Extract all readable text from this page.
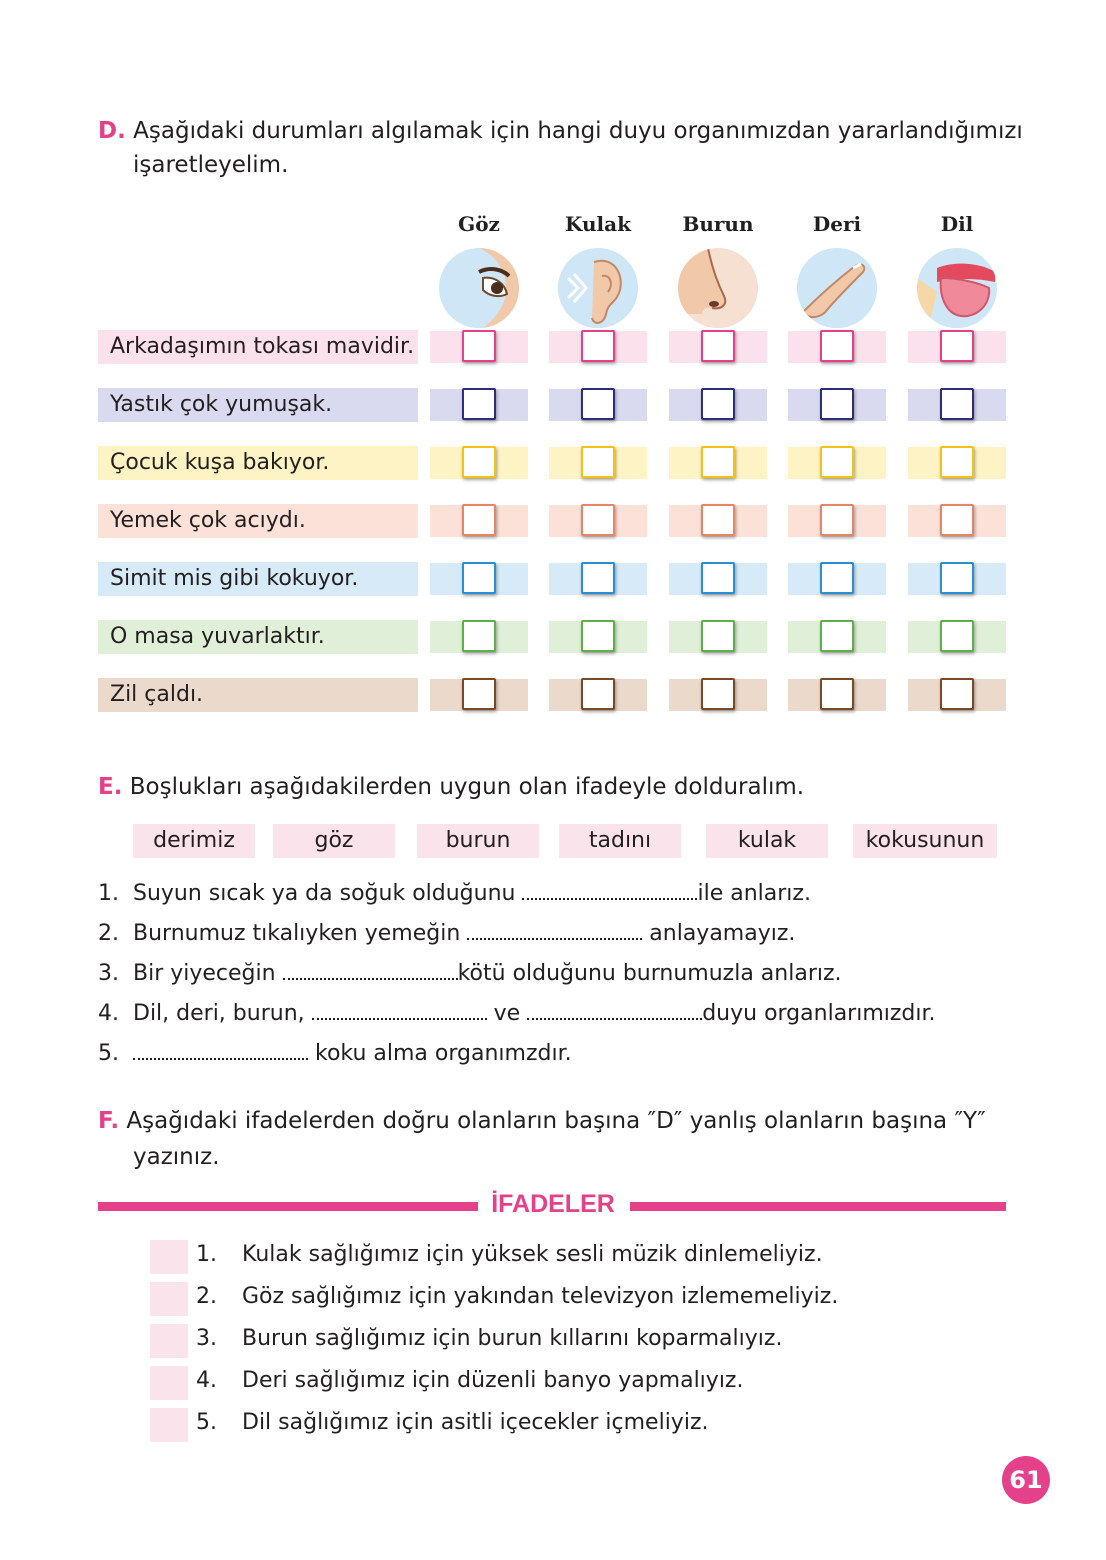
D. Aşağıdaki durumları algılamak için hangi duyu organımızdan yararlandığımızı
işaretleyelim.
E. Boşlukları aşağıdakilerden uygun olan ifadeyle dolduralım.
F. Aşağıdaki ifadelerden doğru olanların başına ″D″ yanlış olanların başına ″Y″
yazınız.
İFADELER
61
Göz	Kulak	Burun	Deri	Dil
Arkadaşımın tokası mavidir.
Yastık çok yumuşak.
Çocuk kuşa bakıyor.
Yemek çok acıydı.
Simit mis gibi kokuyor.
O masa yuvarlaktır.
Zil çaldı.
derimiz	göz	burun	tadını	kulak	kokusunun
1. Suyun sıcak ya da soğuk olduğunu	ile anlarız.
2. Burnumuz tıkalıyken yemeğin	anlayamayız.
3. Bir yiyeceğin	kötü olduğunu burnumuzla anlarız.
4. Dil, deri, burun,	ve	duyu organlarımızdır.
5.	koku alma organımzdır.
1. Kulak sağlığımız için yüksek sesli müzik dinlemeliyiz.
2. Göz sağlığımız için yakından televizyon izlememeliyiz.
3. Burun sağlığımız için burun kıllarını koparmalıyız.
4. Deri sağlığımız için düzenli banyo yapmalıyız.
5. Dil sağlığımız için asitli içecekler içmeliyiz.
